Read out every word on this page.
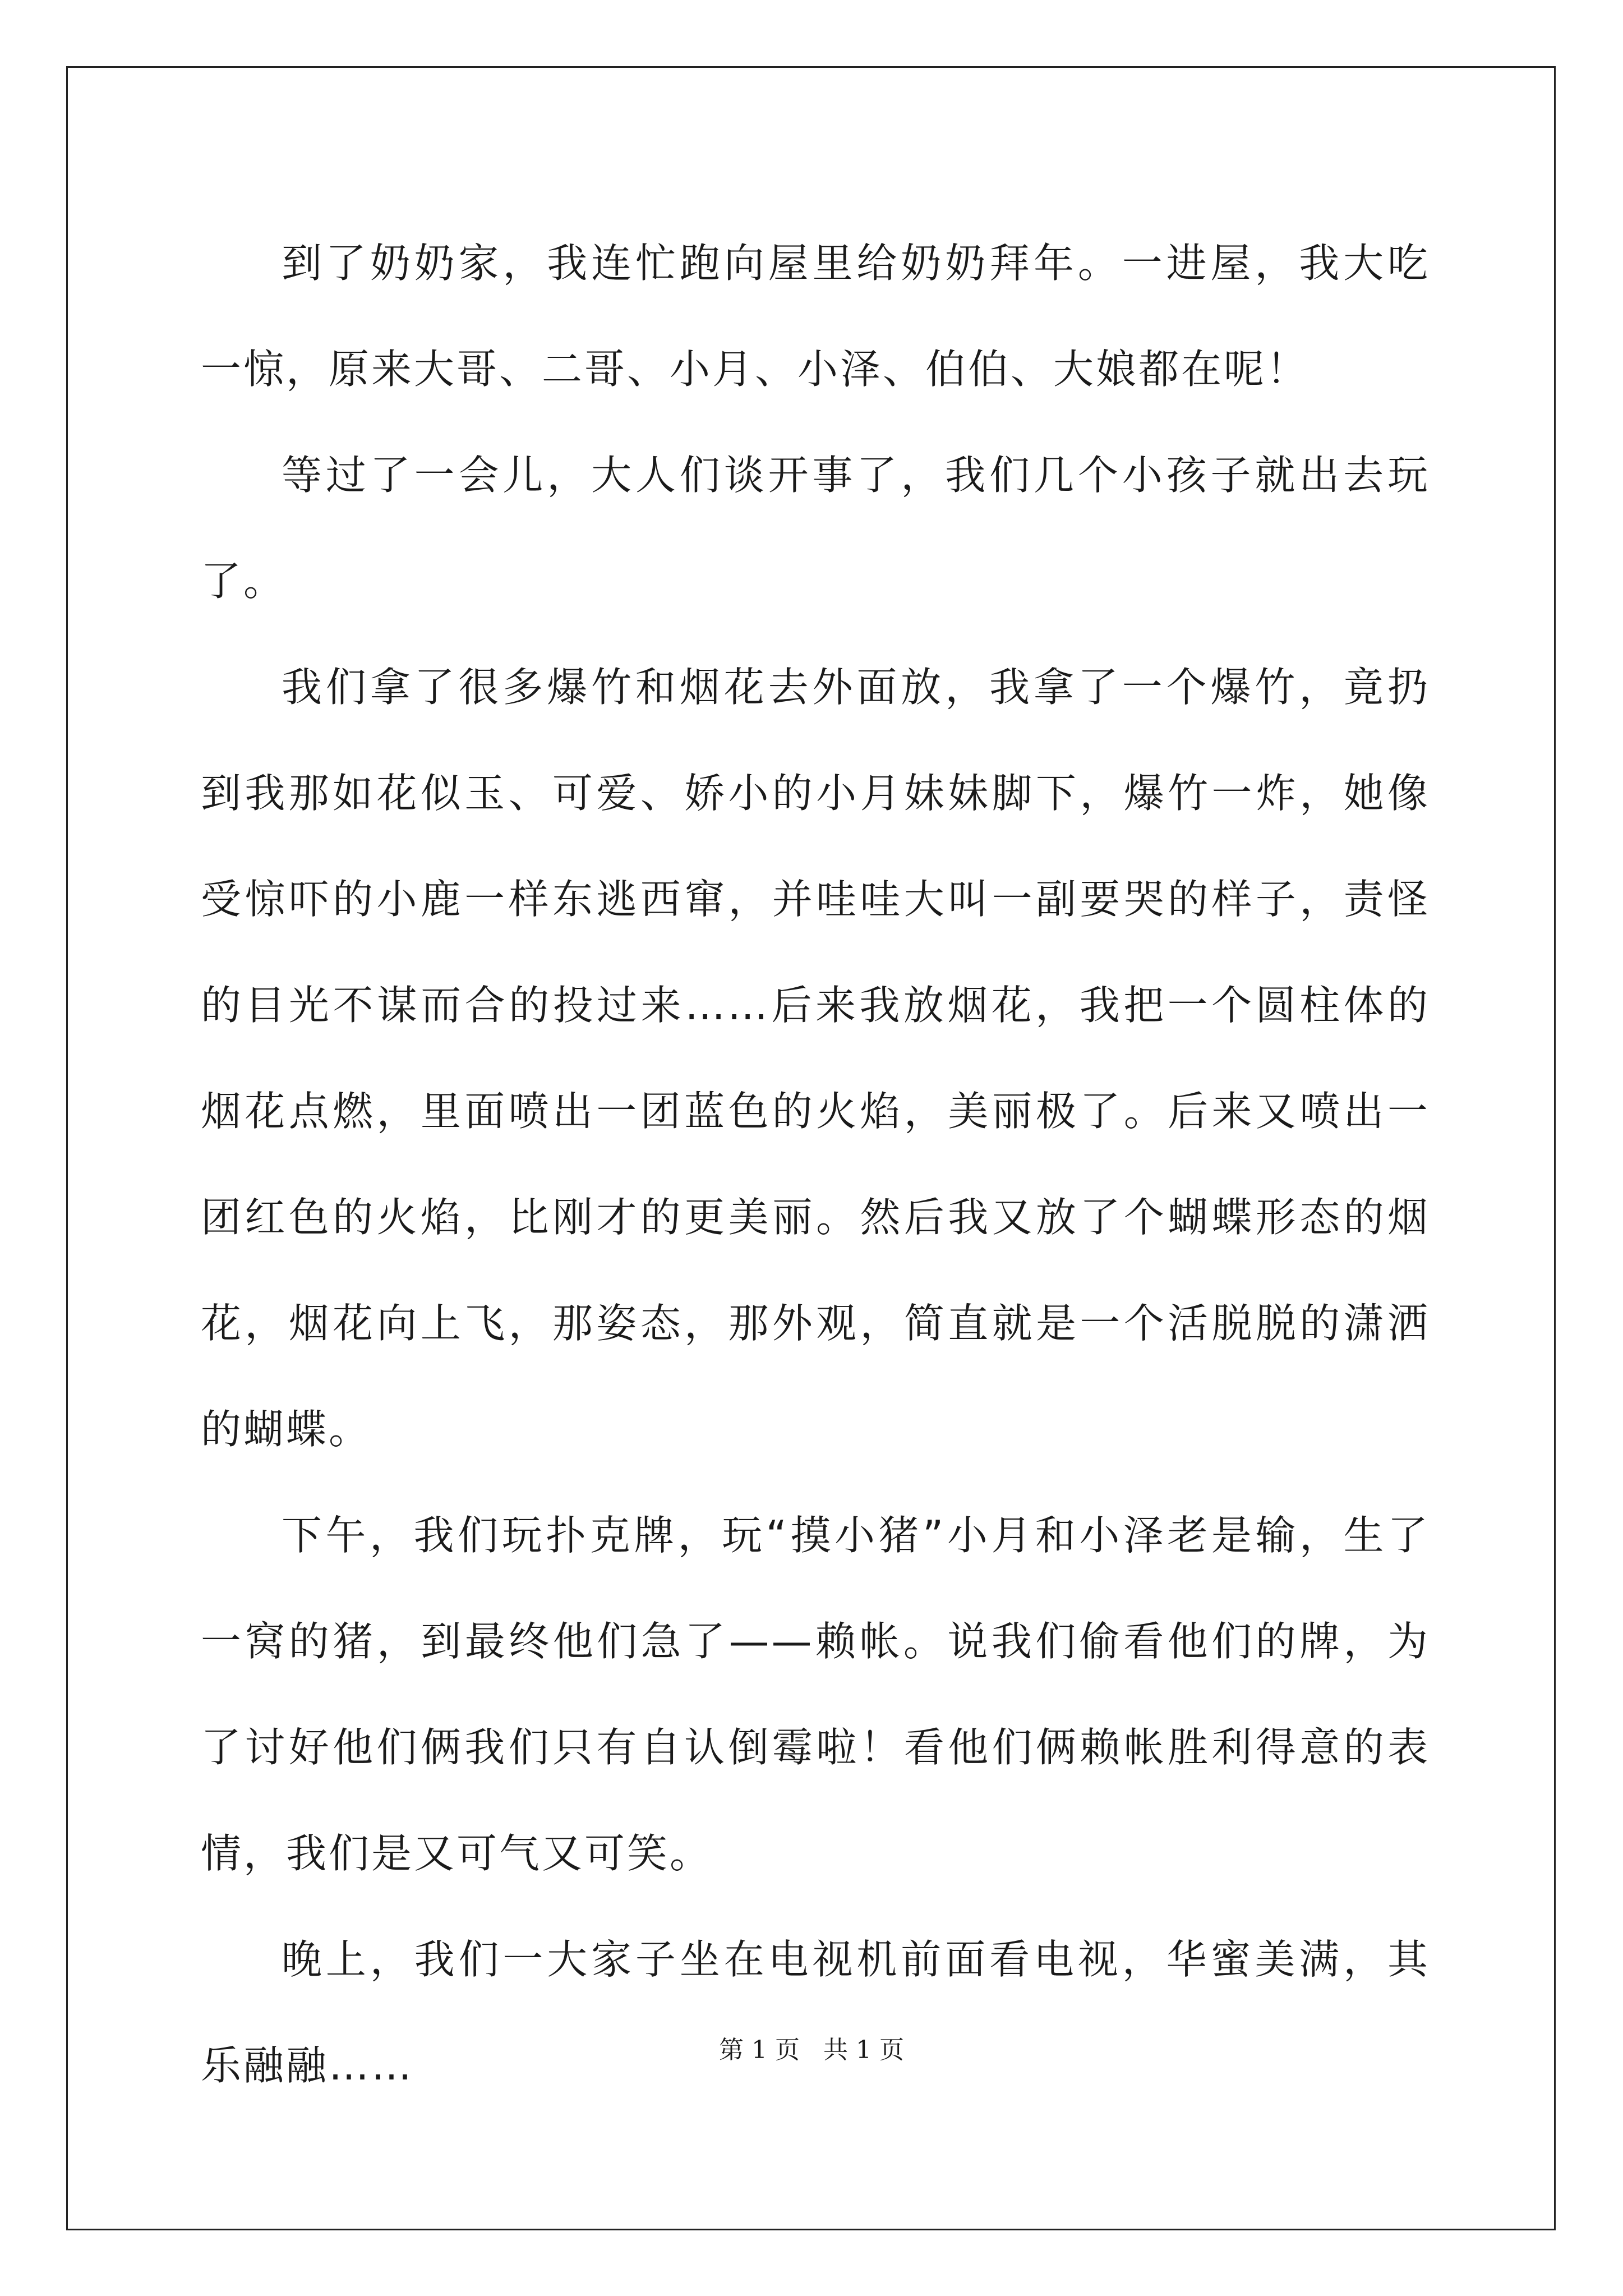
到了奶奶家，我连忙跑向屋里给奶奶拜年。一进屋，我大吃一惊，原来大哥、二哥、小月、小泽、伯伯、大娘都在呢！

等过了一会儿，大人们谈开事了，我们几个小孩子就出去玩了。

我们拿了很多爆竹和烟花去外面放，我拿了一个爆竹，竟扔到我那如花似玉、可爱、娇小的小月妹妹脚下，爆竹一炸，她像受惊吓的小鹿一样东逃西窜，并哇哇大叫一副要哭的样子，责怪的目光不谋而合的投过来……后来我放烟花，我把一个圆柱体的烟花点燃，里面喷出一团蓝色的火焰，美丽极了。后来又喷出一团红色的火焰，比刚才的更美丽。然后我又放了个蝴蝶形态的烟花，烟花向上飞，那姿态，那外观，简直就是一个活脱脱的潇洒的蝴蝶。

下午，我们玩扑克牌，玩“摸小猪”小月和小泽老是输，生了一窝的猪，到最终他们急了——赖帐。说我们偷看他们的牌，为了讨好他们俩我们只有自认倒霉啦！看他们俩赖帐胜利得意的表情，我们是又可气又可笑。

晚上，我们一大家子坐在电视机前面看电视，华蜜美满，其乐融融……	第 1 页   共 1 页
